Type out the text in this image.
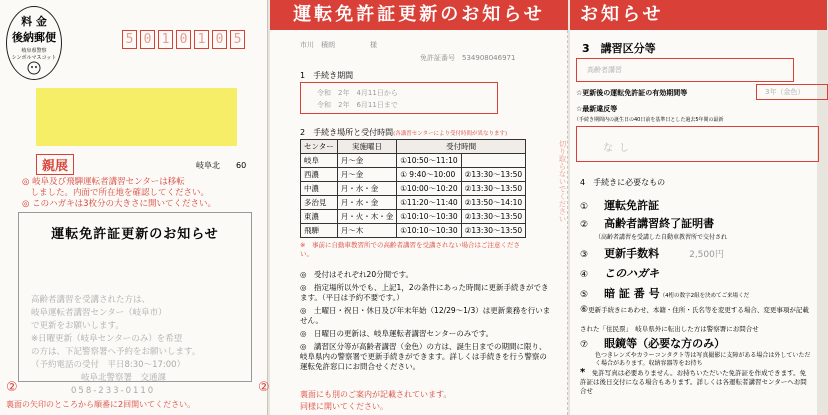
料 金
後納郵便
岐阜県警察
シンボルマスコット
5 0 1 0 1 0 5
親展	岐阜北　　 60
◎ 岐阜及び飛騨運転者講習センターは移転
　しました。内面で所在地を確認してください。
◎ このハガキは3枚分の大きさに開いてください。
運転免許証更新のお知らせ
高齢者講習を受講された方は、
岐阜運転者講習センター（岐阜市）
で更新をお願いします。
※日曜更新（岐阜センターのみ）を希望
の方は、下記警察署へ予約をお願いします。
（予約電話の受付　平日8:30〜17:00）
岐阜北警察署　交通課
058-233-0110
②	②
裏面の矢印のところから順番に2回開いてください。
運転免許証更新のお知らせ
市川　 積朗　　　　　	様
免許証番号　 534908046971
1　手続き期間
令和　2年　4月11日から
令和　2年　6月11日まで
2　手続き場所と受付時間(各講習センターにより受付時間が異なります)
センター	実施曜日	受付時間	
岐阜	月〜金	①10:50〜11:10	
西濃	月〜金	① 9:40〜10:00	②13:30〜13:50
中濃	月・水・金	①10:00〜10:20	②13:30〜13:50
多治見	月・水・金	①11:20〜11:40	②13:50〜14:10
東濃	月・火・木・金	①10:10〜10:30	②13:30〜13:50
飛騨	月〜木	①10:10〜10:30	②13:30〜13:50
※　事前に自動車教習所での高齢者講習を受講されない場合はご注意ください。
◎　受付はそれぞれ20分間です。
◎　指定場所以外でも、上記1，2の条件にあった時間に更新手続きができます。（平日は予約不要です。）
◎　土曜日・祝日・休日及び年末年始（12/29〜1/3）は更新業務を行いません。
◎　日曜日の更新は、岐阜運転者講習センターのみです。
◎　講習区分等が高齢者講習（金色）の方は、誕生日までの期間に限り、岐阜県内の警察署で更新手続きができます。詳しくは手続きを行う警察の運転免許窓口にお問合せください。
裏面にも別のご案内が記載されています。
同様に開いてください。
切り取らないでください
お知らせ
3　講習区分等
高齢者講習
☆更新後の運転免許証の有効期間等	3年（金色）
☆最新違反等
（手続き期間内の誕生日の40日前を基準日とした過去5年間の最新
なし
4　手続きに必要なもの
①　 運転免許証
②　 高齢者講習終了証明書
（高齢者講習を受講した自動車教習所で交付され
③　 更新手数料	2,500円
④　 このハガキ
⑤　 暗 証 番 号（4桁の数字2組を決めてご来場くだ
⑥更新手続きにあわせ、本籍・住所・氏名等を変更する場合、変更事項が記載された「住民票」　岐阜県外に転出した方は警察署にお問合せ
⑦　 眼鏡等（必要な方のみ）
色つきレンズやカラーコンタクト等は写真撮影に支障がある場合は外していただく場合があります。収納容器等をお持ち
*　 免許写真は必要ありません。お持ちいただいた免許証を作成できます。免許証は後日交付になる場合もあります。詳しくは各運転者講習センターへお問合せ
